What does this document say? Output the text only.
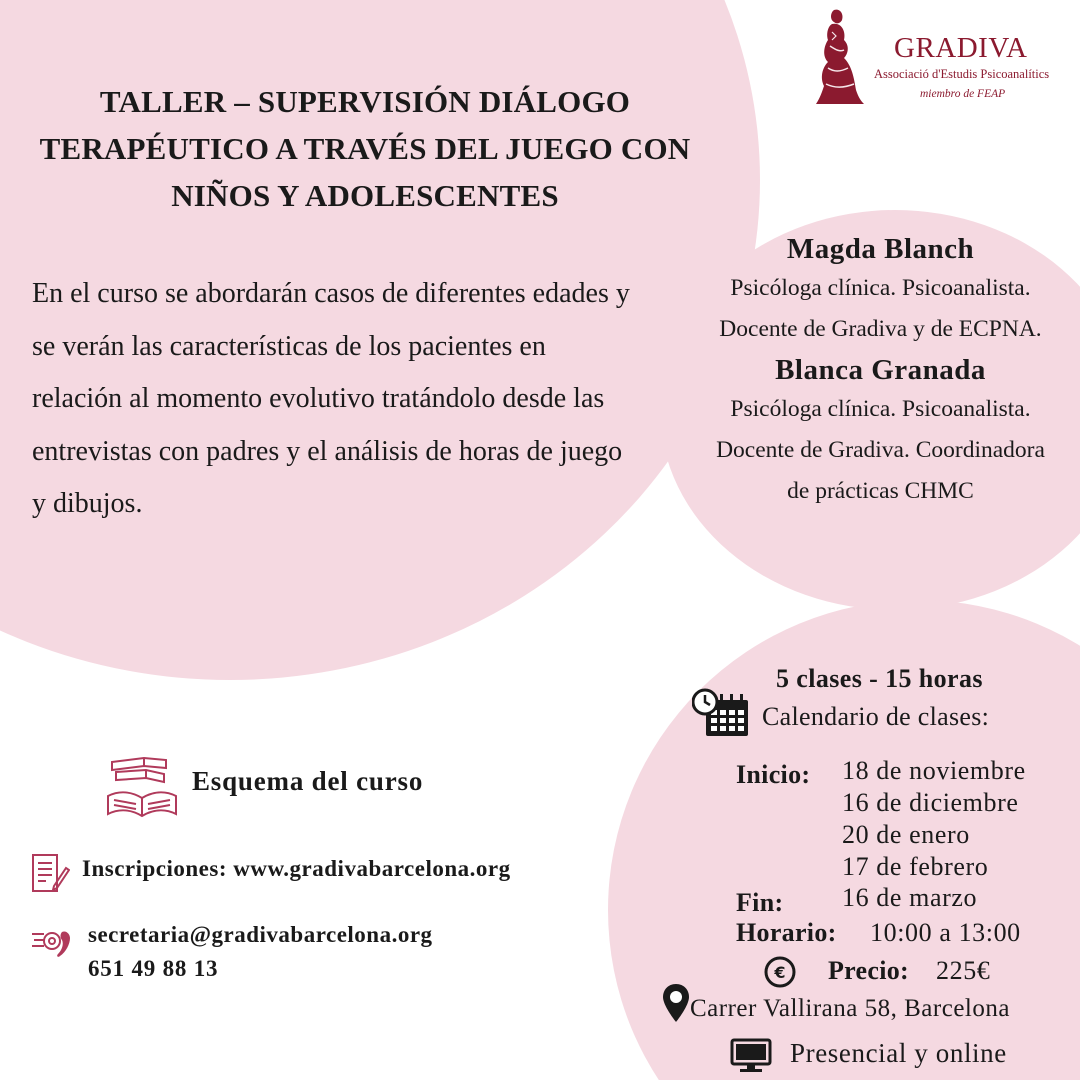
GRADIVA
Associació d'Estudis Psicoanalítics
miembro de FEAP
TALLER – SUPERVISIÓN DIÁLOGO TERAPÉUTICO A TRAVÉS DEL JUEGO CON NIÑOS Y ADOLESCENTES
En el curso se abordarán casos de diferentes edades y se verán las características de los pacientes en relación al momento evolutivo tratándolo desde las entrevistas con padres y el análisis de horas de juego y dibujos.
Magda Blanch
Psicóloga clínica. Psicoanalista. Docente de Gradiva y de ECPNA.
Blanca Granada
Psicóloga clínica. Psicoanalista. Docente de Gradiva. Coordinadora de prácticas CHMC
5 clases - 15 horas
Calendario de clases:
Inicio: 18 de noviembre
16 de diciembre
20 de enero
17 de febrero
Fin: 16 de marzo
Horario: 10:00 a 13:00
Precio: 225€
€
Carrer Vallirana 58, Barcelona
Presencial y online
Esquema del curso
Inscripciones: www.gradivabarcelona.org
secretaria@gradivabarcelona.org
651 49 88 13
